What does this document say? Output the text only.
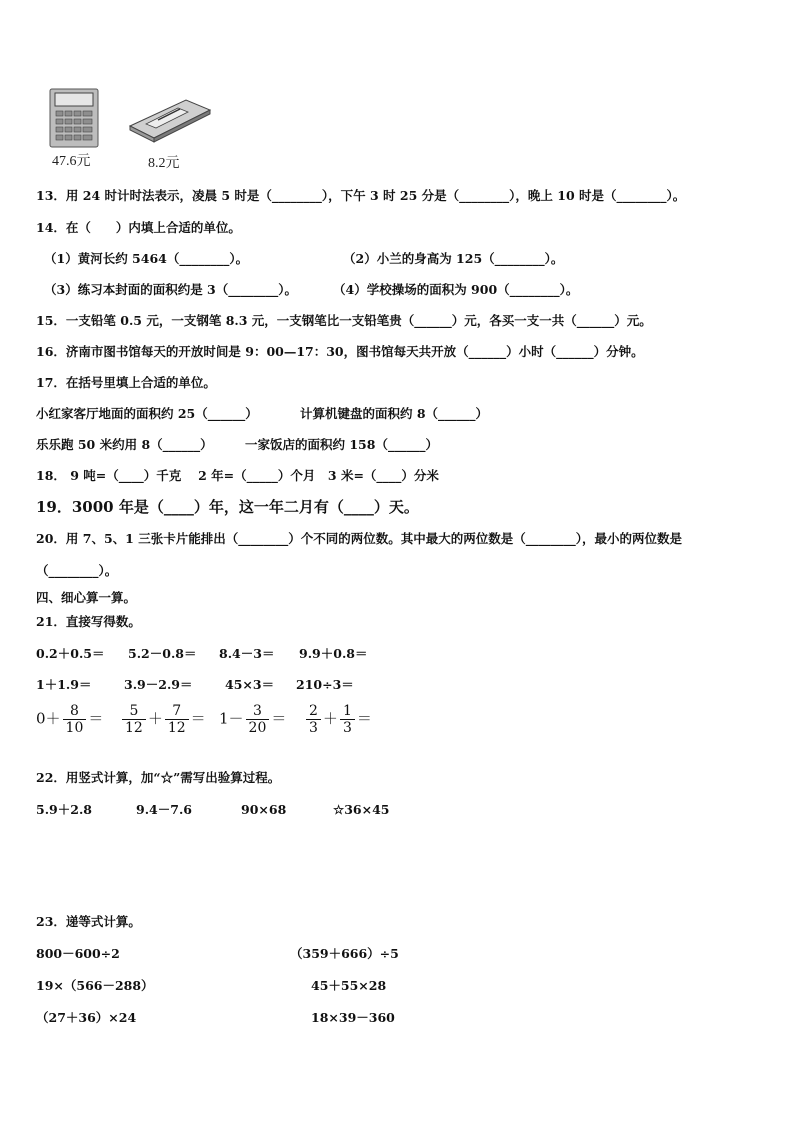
47.6元	8.2元
13．用 24 时计时法表示，凌晨 5 时是（________），下午 3 时 25 分是（________），晚上 10 时是（________）。
14．在（　　）内填上合适的单位。
（1）黄河长约 5464（________）。	（2）小兰的身高为 125（________）。
（3）练习本封面的面积约是 3（________）。	（4）学校操场的面积为 900（________）。
15．一支铅笔 0.5 元，一支钢笔 8.3 元，一支钢笔比一支铅笔贵（______）元，各买一支一共（______）元。
16．济南市图书馆每天的开放时间是 9：00—17：30，图书馆每天共开放（______）小时（______）分钟。
17．在括号里填上合适的单位。
小红家客厅地面的面积约 25（______）	计算机键盘的面积约 8（______）
乐乐跑 50 米约用 8（______）	一家饭店的面积约 158（______）
18． 9 吨=（____）千克　 2 年=（_____）个月　3 米=（____）分米
19．3000 年是（____）年，这一年二月有（____）天。
20．用 7、5、1 三张卡片能排出（________）个不同的两位数。其中最大的两位数是（________），最小的两位数是
（________）。
四、细心算一算。
21．直接写得数。
0.2＋0.5＝ 5.2－0.8＝ 8.4－3＝ 9.9＋0.8＝
1＋1.9＝	3.9－2.9＝	45×3＝ 210÷3＝
$0+ \frac{8}{10} = \frac{5}{12} + \frac{7}{12} = 1- \frac{3}{20} = \frac{2}{3} + \frac{1}{3}$ ＝
22．用竖式计算，加“☆”需写出验算过程。
5.9＋2.8	9.4－7.6	90×68	☆36×45
23．递等式计算。
800－600÷2	（359＋666）÷5
19×（566－288）	45＋55×28
（27＋36）×24	18×39－360
